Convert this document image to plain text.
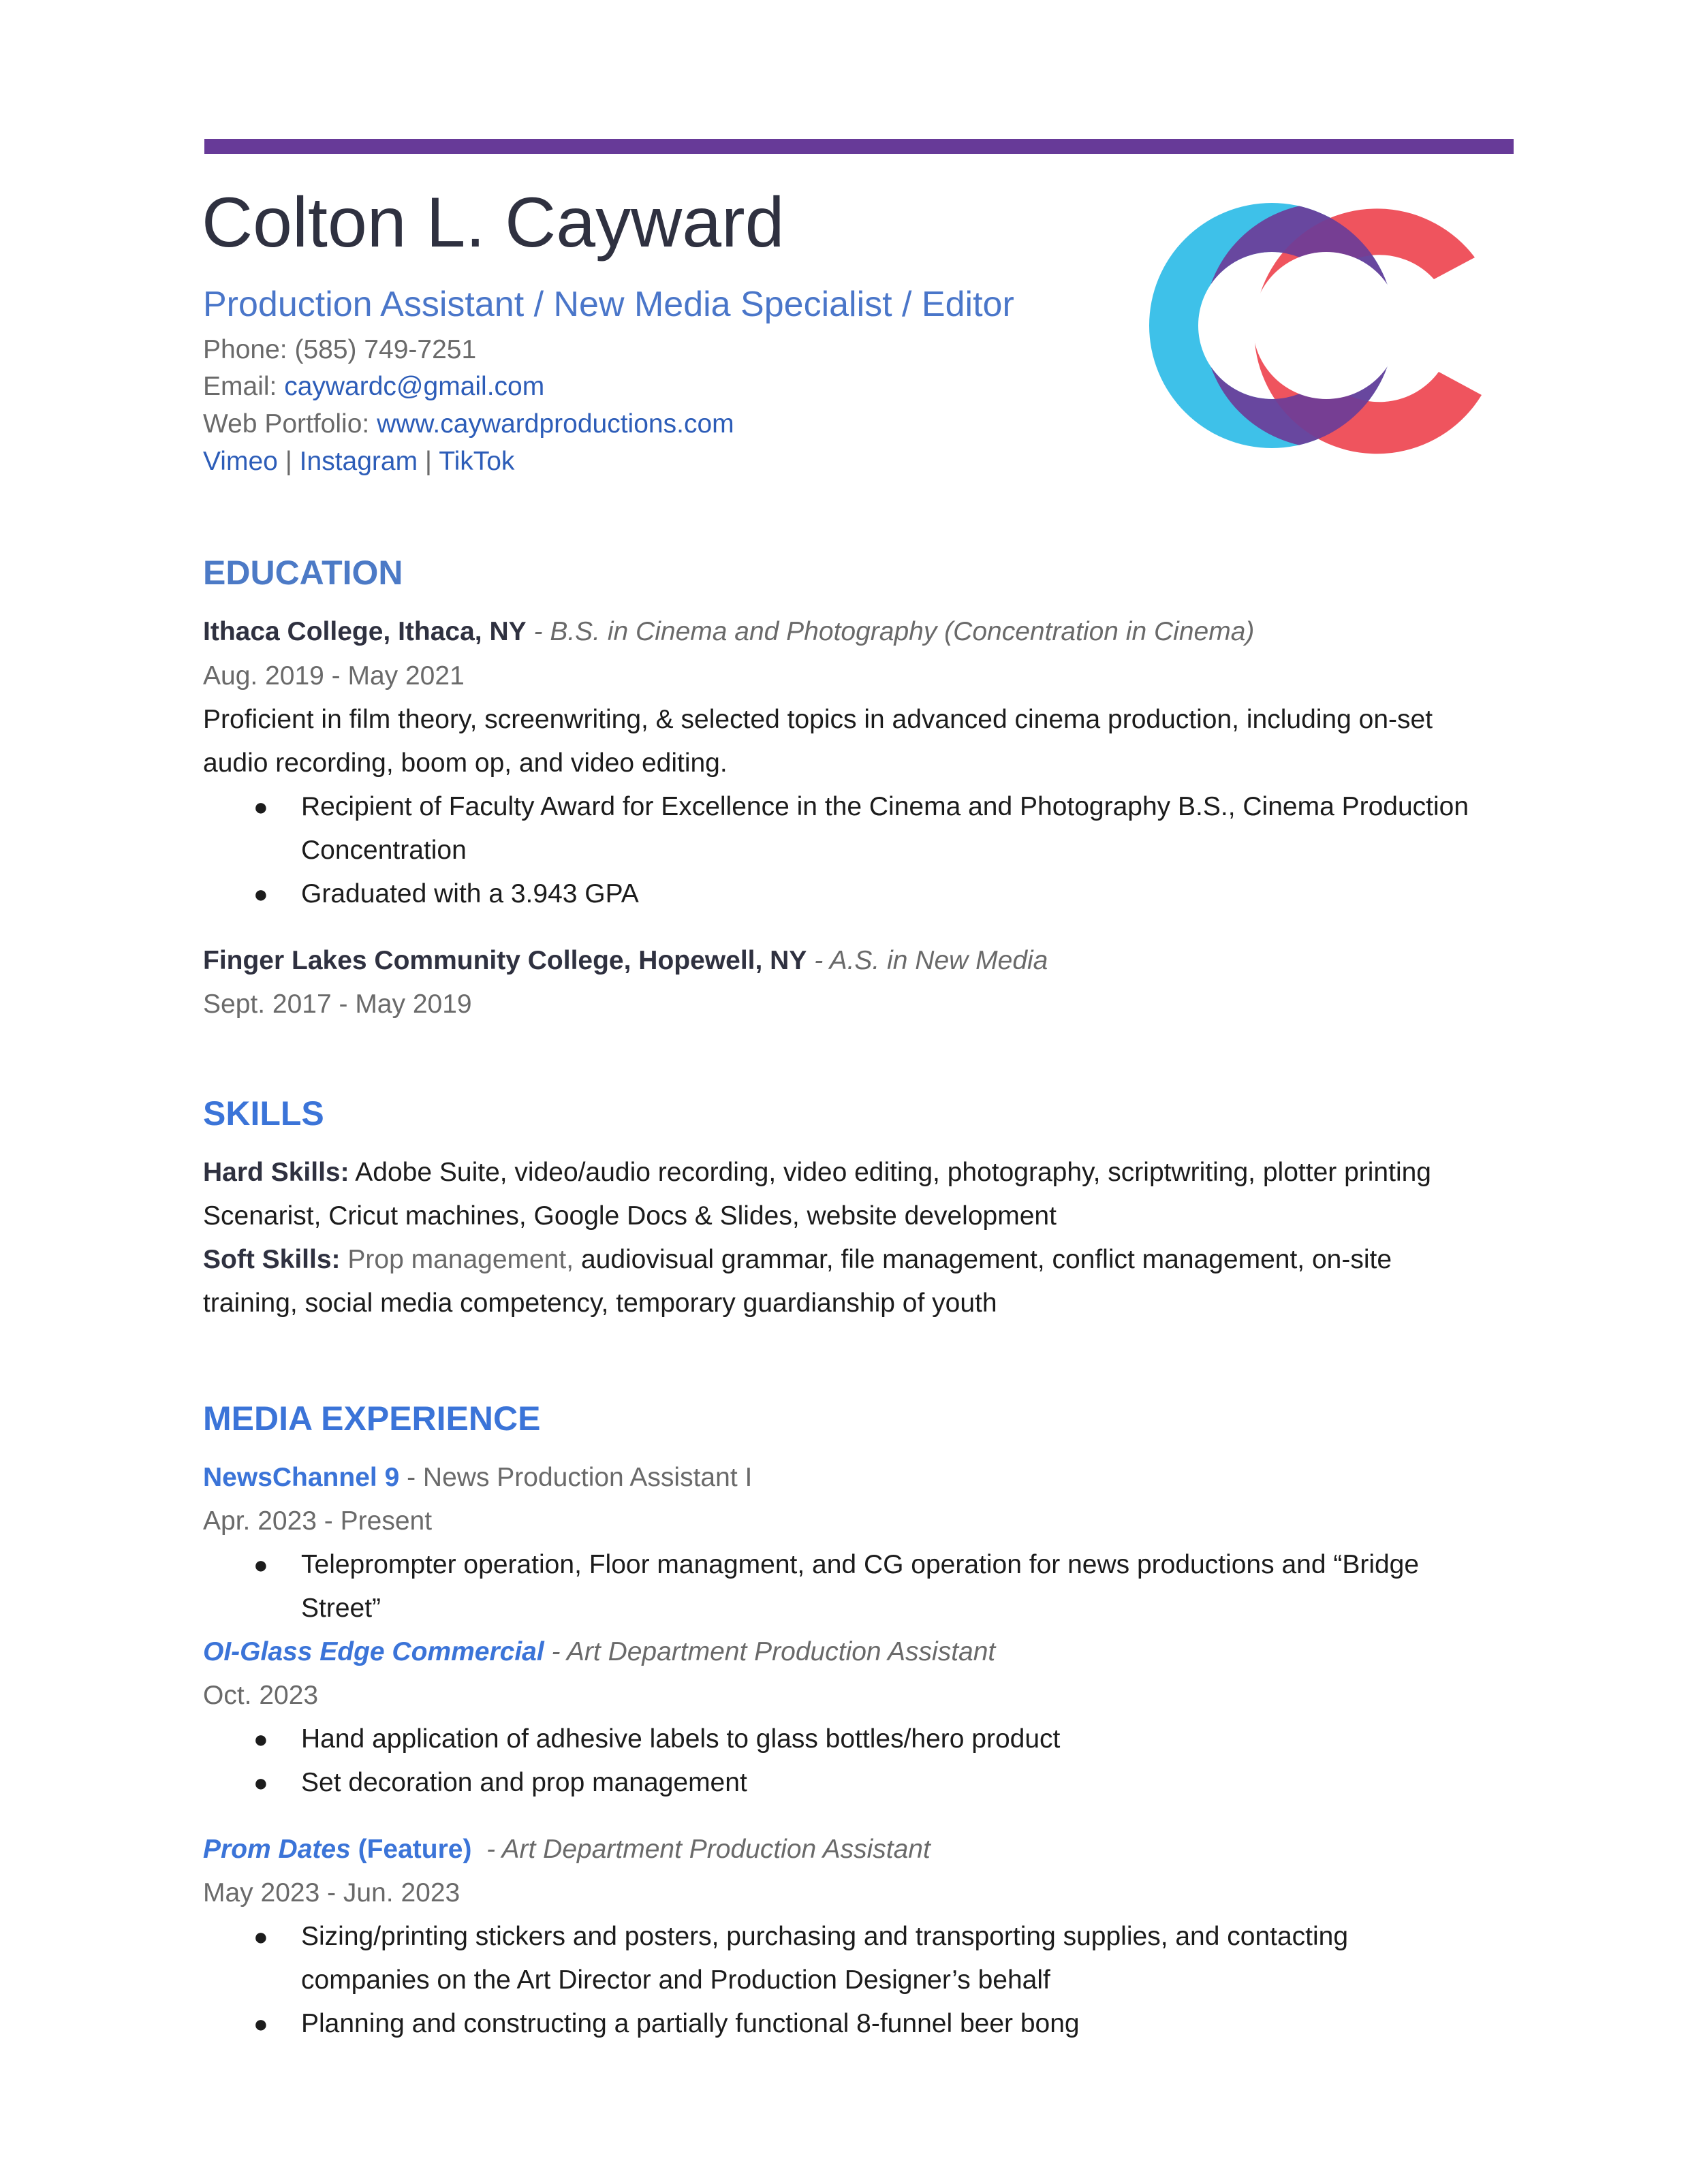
Colton L. Cayward
Production Assistant / New Media Specialist / Editor
Phone: (585) 749-7251
Email: caywardc@gmail.com
Web Portfolio: www.caywardproductions.com
Vimeo | Instagram | TikTok
EDUCATION
Ithaca College, Ithaca, NY - B.S. in Cinema and Photography (Concentration in Cinema)
Aug. 2019 - May 2021
Proficient in film theory, screenwriting, & selected topics in advanced cinema production, including on-set
audio recording, boom op, and video editing.
● Recipient of Faculty Award for Excellence in the Cinema and Photography B.S., Cinema Production
Concentration
● Graduated with a 3.943 GPA
Finger Lakes Community College, Hopewell, NY - A.S. in New Media
Sept. 2017 - May 2019
SKILLS
Hard Skills: Adobe Suite, video/audio recording, video editing, photography, scriptwriting, plotter printing
Scenarist, Cricut machines, Google Docs & Slides, website development
Soft Skills: Prop management, audiovisual grammar, file management, conflict management, on-site
training, social media competency, temporary guardianship of youth
MEDIA EXPERIENCE
NewsChannel 9 - News Production Assistant I
Apr. 2023 - Present
● Teleprompter operation, Floor managment, and CG operation for news productions and “Bridge
Street”
OI-Glass Edge Commercial - Art Department Production Assistant
Oct. 2023
● Hand application of adhesive labels to glass bottles/hero product
● Set decoration and prop management
Prom Dates (Feature) - Art Department Production Assistant
May 2023 - Jun. 2023
● Sizing/printing stickers and posters, purchasing and transporting supplies, and contacting
companies on the Art Director and Production Designer’s behalf
● Planning and constructing a partially functional 8-funnel beer bong
